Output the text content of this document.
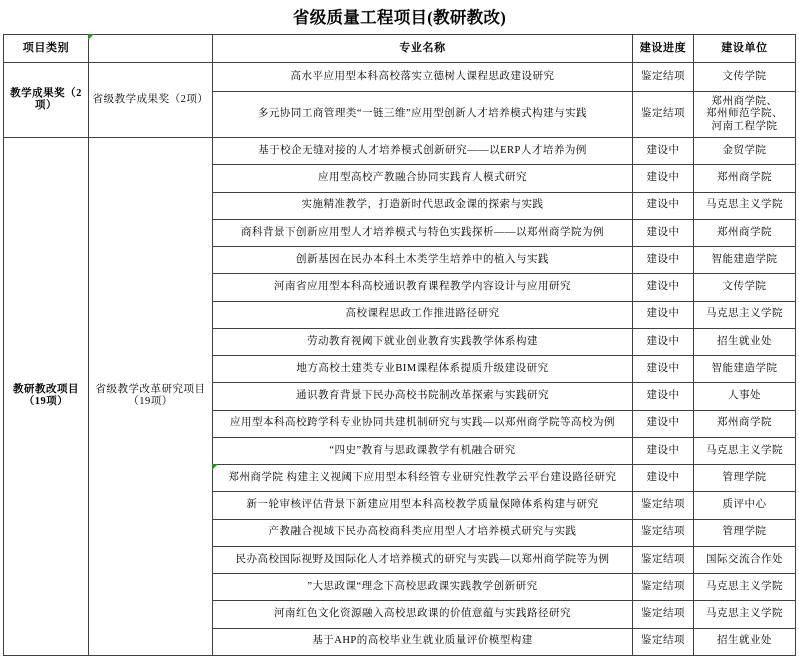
省级质量工程项目(教研教改)
项目类别		专业名称	建设进度	建设单位
教学成果奖（2项）	省级教学成果奖（2项）	高水平应用型本科高校落实立德树人课程思政建设研究	鉴定结项	文传学院
		多元协同工商管理类“一链三维”应用型创新人才培养模式构建与实践	鉴定结项	郑州商学院、
郑州师范学院、
河南工程学院

教研教改项目（19项）	省级教学改革研究项目（19项）	基于校企无缝对接的人才培养模式创新研究——以ERP人才培养为例	建设中	金贸学院
		应用型高校产教融合协同实践育人模式研究	建设中	郑州商学院
		实施精准教学，打造新时代思政金课的探索与实践	建设中	马克思主义学院
		商科背景下创新应用型人才培养模式与特色实践探析——以郑州商学院为例	建设中	郑州商学院
		创新基因在民办本科土木类学生培养中的植入与实践	建设中	智能建造学院
		河南省应用型本科高校通识教育课程教学内容设计与应用研究	建设中	文传学院
		高校课程思政工作推进路径研究	建设中	马克思主义学院
		劳动教育视阈下就业创业教育实践教学体系构建	建设中	招生就业处
		地方高校土建类专业BIM课程体系提质升级建设研究	建设中	智能建造学院
		通识教育背景下民办高校书院制改革探索与实践研究	建设中	人事处
		应用型本科高校跨学科专业协同共建机制研究与实践—以郑州商学院等高校为例	建设中	郑州商学院
		“四史”教育与思政课教学有机融合研究	建设中	马克思主义学院
		郑州商学院 构建主义视阈下应用型本科经管专业研究性教学云平台建设路径研究	建设中	管理学院
		新一轮审核评估背景下新建应用型本科高校教学质量保障体系构建与研究	鉴定结项	质评中心
		产教融合视域下民办高校商科类应用型人才培养模式研究与实践	鉴定结项	管理学院
		民办高校国际视野及国际化人才培养模式的研究与实践—以郑州商学院等为例	鉴定结项	国际交流合作处
		”大思政课“理念下高校思政课实践教学创新研究	鉴定结项	马克思主义学院
		河南红色文化资源融入高校思政课的价值意蕴与实践路径研究	鉴定结项	马克思主义学院
		基于AHP的高校毕业生就业质量评价模型构建	鉴定结项	招生就业处
